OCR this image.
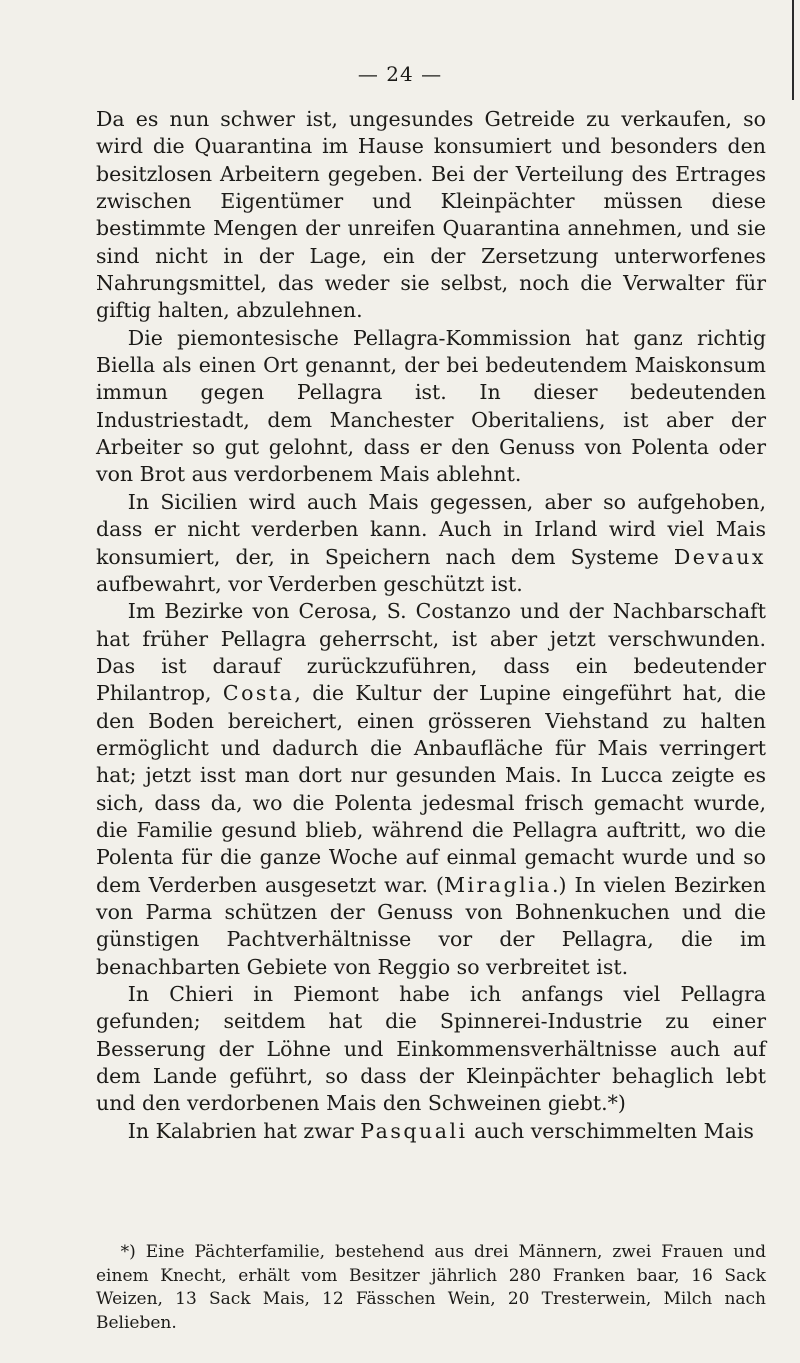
— 24 —

Da es nun schwer ist, ungesundes Getreide zu verkaufen, so wird die Quarantina im Hause konsumiert und besonders den besitzlosen Arbeitern gegeben. Bei der Verteilung des Ertrages zwischen Eigentümer und Kleinpächter müssen diese bestimmte Mengen der unreifen Quarantina annehmen, und sie sind nicht in der Lage, ein der Zersetzung unterworfenes Nahrungsmittel, das weder sie selbst, noch die Verwalter für giftig halten, abzulehnen.

Die piemontesische Pellagra-Kommission hat ganz richtig Biella als einen Ort genannt, der bei bedeutendem Maiskonsum immun gegen Pellagra ist. In dieser bedeutenden Industriestadt, dem Manchester Oberitaliens, ist aber der Arbeiter so gut gelohnt, dass er den Genuss von Polenta oder von Brot aus verdorbenem Mais ablehnt.

In Sicilien wird auch Mais gegessen, aber so aufgehoben, dass er nicht verderben kann. Auch in Irland wird viel Mais konsumiert, der, in Speichern nach dem Systeme Devaux aufbewahrt, vor Verderben geschützt ist.

Im Bezirke von Cerosa, S. Costanzo und der Nachbarschaft hat früher Pellagra geherrscht, ist aber jetzt verschwunden. Das ist darauf zurückzuführen, dass ein bedeutender Philantrop, Costa, die Kultur der Lupine eingeführt hat, die den Boden bereichert, einen grösseren Viehstand zu halten ermöglicht und dadurch die Anbaufläche für Mais verringert hat; jetzt isst man dort nur gesunden Mais. In Lucca zeigte es sich, dass da, wo die Polenta jedesmal frisch gemacht wurde, die Familie gesund blieb, während die Pellagra auftritt, wo die Polenta für die ganze Woche auf einmal gemacht wurde und so dem Verderben ausgesetzt war. (Miraglia.) In vielen Bezirken von Parma schützen der Genuss von Bohnenkuchen und die günstigen Pachtverhältnisse vor der Pellagra, die im benachbarten Gebiete von Reggio so verbreitet ist.

In Chieri in Piemont habe ich anfangs viel Pellagra gefunden; seitdem hat die Spinnerei-Industrie zu einer Besserung der Löhne und Einkommensverhältnisse auch auf dem Lande geführt, so dass der Kleinpächter behaglich lebt und den verdorbenen Mais den Schweinen giebt.*)

In Kalabrien hat zwar Pasquali auch verschimmelten Mais

*) Eine Pächterfamilie, bestehend aus drei Männern, zwei Frauen und einem Knecht, erhält vom Besitzer jährlich 280 Franken baar, 16 Sack Weizen, 13 Sack Mais, 12 Fässchen Wein, 20 Tresterwein, Milch nach Belieben.
